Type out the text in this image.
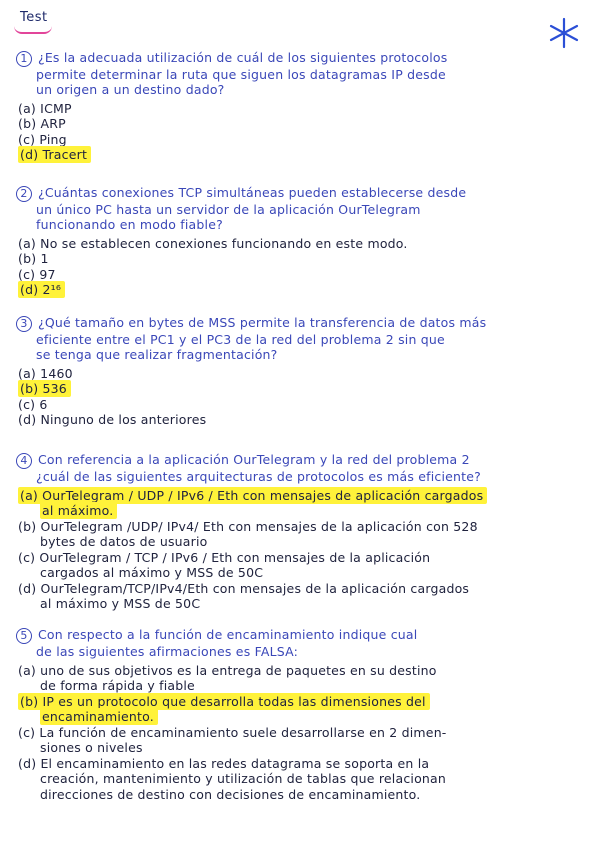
Test
1 ¿Es la adecuada utilización de cuál de los siguientes protocolos
permite determinar la ruta que siguen los datagramas IP desde
un origen a un destino dado?
(a) ICMP
(b) ARP
(c) Ping
(d) Tracert
2 ¿Cuántas conexiones TCP simultáneas pueden establecerse desde
un único PC hasta un servidor de la aplicación OurTelegram
funcionando en modo fiable?
(a) No se establecen conexiones funcionando en este modo.
(b) 1
(c) 97
(d) 2¹⁶
3 ¿Qué tamaño en bytes de MSS permite la transferencia de datos más
eficiente entre el PC1 y el PC3 de la red del problema 2 sin que
se tenga que realizar fragmentación?
(a) 1460
(b) 536
(c) 6
(d) Ninguno de los anteriores
4 Con referencia a la aplicación OurTelegram y la red del problema 2
¿cuál de las siguientes arquitecturas de protocolos es más eficiente?
(a) OurTelegram / UDP / IPv6 / Eth con mensajes de aplicación cargados
al máximo.
(b) OurTelegram /UDP/ IPv4/ Eth con mensajes de la aplicación con 528
bytes de datos de usuario
(c) OurTelegram / TCP / IPv6 / Eth con mensajes de la aplicación
cargados al máximo y MSS de 50C
(d) OurTelegram/TCP/IPv4/Eth con mensajes de la aplicación cargados
al máximo y MSS de 50C
5 Con respecto a la función de encaminamiento indique cual
de las siguientes afirmaciones es FALSA:
(a) uno de sus objetivos es la entrega de paquetes en su destino
de forma rápida y fiable
(b) IP es un protocolo que desarrolla todas las dimensiones del
encaminamiento.
(c) La función de encaminamiento suele desarrollarse en 2 dimen-
siones o niveles
(d) El encaminamiento en las redes datagrama se soporta en la
creación, mantenimiento y utilización de tablas que relacionan
direcciones de destino con decisiones de encaminamiento.
